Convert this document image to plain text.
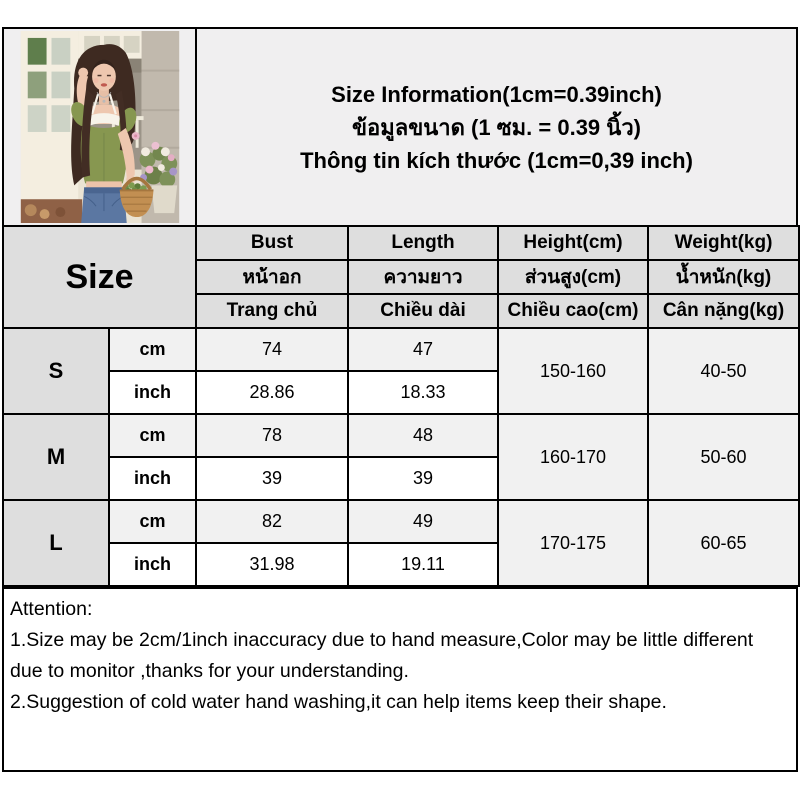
Size Information(1cm=0.39inch)
ข้อมูลขนาด (1 ซม. = 0.39 นิ้ว)
Thông tin kích thước (1cm=0,39 inch)
Size		Bust	Length	Height(cm)	Weight(kg)
		หน้าอก	ความยาว	ส่วนสูง(cm)	น้ำหนัก(kg)
		Trang chủ	Chiều dài	Chiều cao(cm)	Cân nặng(kg)
S	cm	74	47	150-160	40-50
	inch	28.86	18.33		
M	cm	78	48	160-170	50-60
	inch	39	39		
L	cm	82	49	170-175	60-65
	inch	31.98	19.11		
Attention:
1.Size may be 2cm/1inch inaccuracy due to hand measure,Color may be little different due to monitor ,thanks for your understanding.
2.Suggestion of cold water hand washing,it can help items keep their shape.
